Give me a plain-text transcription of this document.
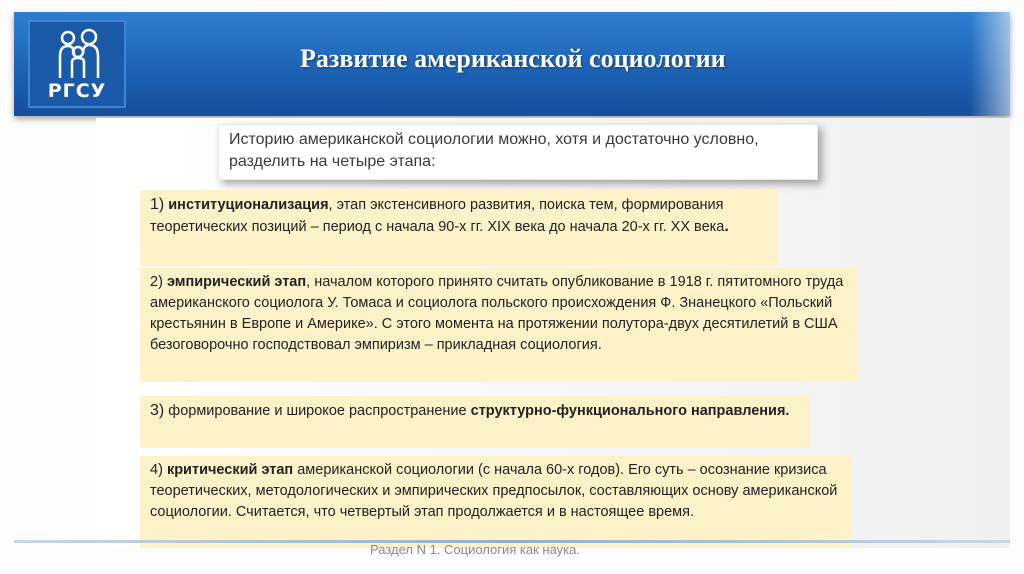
РГСУ
Развитие американской социологии
Историю американской социологии можно, хотя и достаточно условно, разделить на четыре этапа:
1) институционализация, этап экстенсивного развития, поиска тем, формирования теоретических позиций – период с начала 90-х гг. XIX века до начала 20-х гг. XX века.
2) эмпирический этап, началом которого принято считать опубликование в 1918 г. пятитомного труда американского социолога У. Томаса и социолога польского происхождения Ф. Знанецкого «Польский крестьянин в Европе и Америке». С этого момента на протяжении полутора-двух десятилетий в США безоговорочно господствовал эмпиризм – прикладная социология.
3) формирование и широкое распространение структурно-функционального направления.
4) критический этап американской социологии (с начала 60-х годов). Его суть – осознание кризиса теоретических, методологических и эмпирических предпосылок, составляющих основу американской социологии. Считается, что четвертый этап продолжается и в настоящее время.
Раздел N 1. Социология как наука.
